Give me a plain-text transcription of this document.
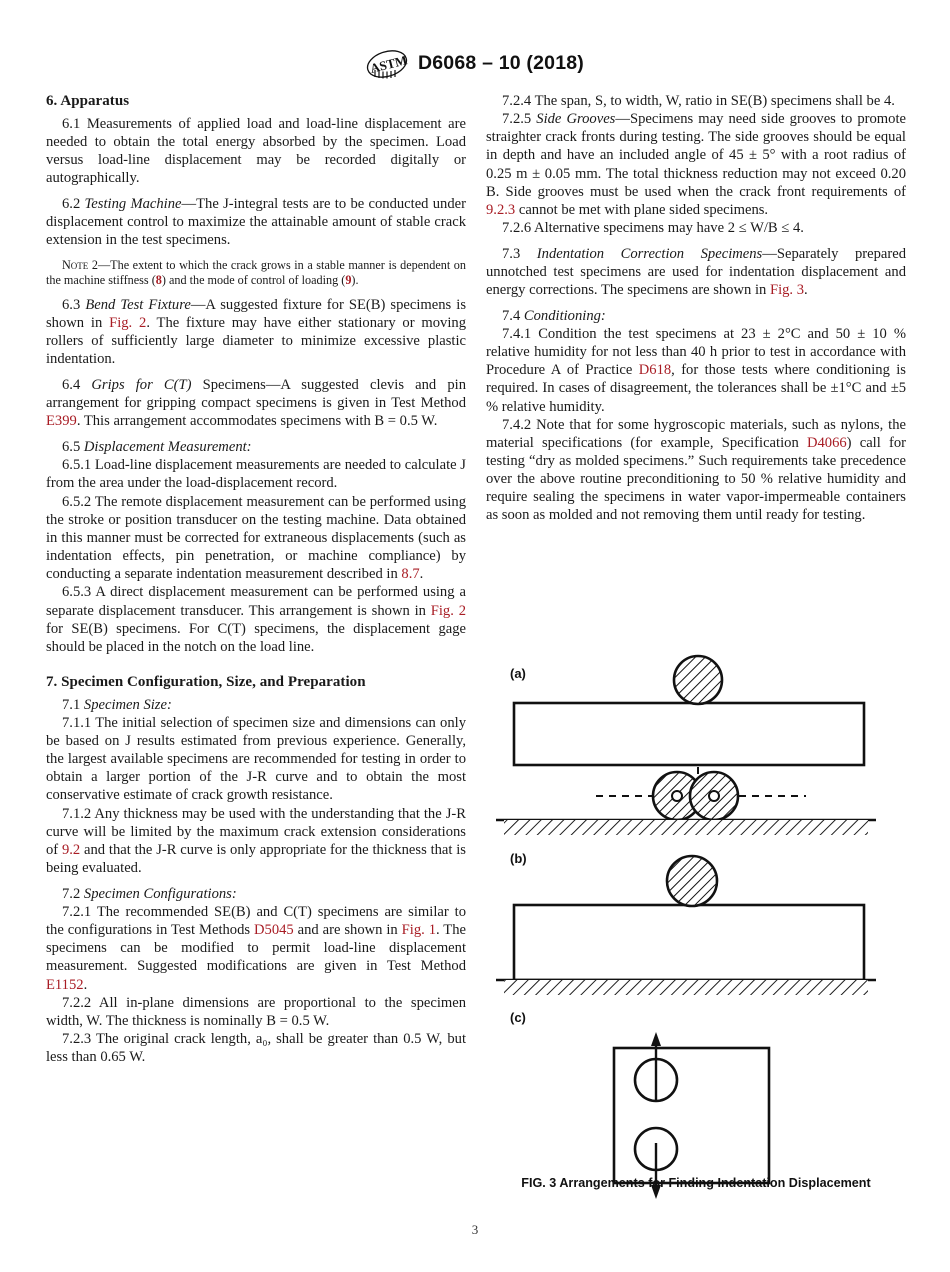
ASTM D6068 – 10 (2018)
6. Apparatus

6.1 Measurements of applied load and load-line displacement are needed to obtain the total energy absorbed by the specimen. Load versus load-line displacement may be recorded digitally or autographically.

6.2 Testing Machine—The J-integral tests are to be conducted under displacement control to maximize the attainable amount of stable crack extension in the test specimens.

Note 2—The extent to which the crack grows in a stable manner is dependent on the machine stiffness (8) and the mode of control of loading (9).

6.3 Bend Test Fixture—A suggested fixture for SE(B) specimens is shown in Fig. 2. The fixture may have either stationary or moving rollers of sufficiently large diameter to minimize excessive plastic indentation.

6.4 Grips for C(T) Specimens—A suggested clevis and pin arrangement for gripping compact specimens is given in Test Method E399. This arrangement accommodates specimens with B = 0.5 W.

6.5 Displacement Measurement:

6.5.1 Load-line displacement measurements are needed to calculate J from the area under the load-displacement record.

6.5.2 The remote displacement measurement can be performed using the stroke or position transducer on the testing machine. Data obtained in this manner must be corrected for extraneous displacements (such as indentation effects, pin penetration, or machine compliance) by conducting a separate indentation measurement described in 8.7.

6.5.3 A direct displacement measurement can be performed using a separate displacement transducer. This arrangement is shown in Fig. 2 for SE(B) specimens. For C(T) specimens, the displacement gage should be placed in the notch on the load line.

7. Specimen Configuration, Size, and Preparation

7.1 Specimen Size:

7.1.1 The initial selection of specimen size and dimensions can only be based on J results estimated from previous experience. Generally, the largest available specimens are recommended for testing in order to obtain a larger portion of the J-R curve and to obtain the most conservative estimate of crack growth resistance.

7.1.2 Any thickness may be used with the understanding that the J-R curve will be limited by the maximum crack extension considerations of 9.2 and that the J-R curve is only appropriate for the thickness that is being evaluated.

7.2 Specimen Configurations:

7.2.1 The recommended SE(B) and C(T) specimens are similar to the configurations in Test Methods D5045 and are shown in Fig. 1. The specimens can be modified to permit load-line displacement measurement. Suggested modifications are given in Test Method E1152.

7.2.2 All in-plane dimensions are proportional to the specimen width, W. The thickness is nominally B = 0.5 W.

7.2.3 The original crack length, a₀, shall be greater than 0.5 W, but less than 0.65 W.

7.2.4 The span, S, to width, W, ratio in SE(B) specimens shall be 4.

7.2.5 Side Grooves—Specimens may need side grooves to promote straighter crack fronts during testing. The side grooves should be equal in depth and have an included angle of 45 ± 5° with a root radius of 0.25 m ± 0.05 mm. The total thickness reduction may not exceed 0.20 B. Side grooves must be used when the crack front requirements of 9.2.3 cannot be met with plane sided specimens.

7.2.6 Alternative specimens may have 2 ≤ W/B ≤ 4.

7.3 Indentation Correction Specimens—Separately prepared unnotched test specimens are used for indentation displacement and energy corrections. The specimens are shown in Fig. 3.

7.4 Conditioning:

7.4.1 Condition the test specimens at 23 ± 2°C and 50 ± 10 % relative humidity for not less than 40 h prior to test in accordance with Procedure A of Practice D618, for those tests where conditioning is required. In cases of disagreement, the tolerances shall be ±1°C and ±5 % relative humidity.

7.4.2 Note that for some hygroscopic materials, such as nylons, the material specifications (for example, Specification D4066) call for testing “dry as molded specimens.” Such requirements take precedence over the above routine preconditioning to 50 % relative humidity and require sealing the specimens in water vapor-impermeable containers as soon as molded and not removing them until ready for testing.

(a)
(b)
(c)
FIG. 3 Arrangements for Finding Indentation Displacement
3
